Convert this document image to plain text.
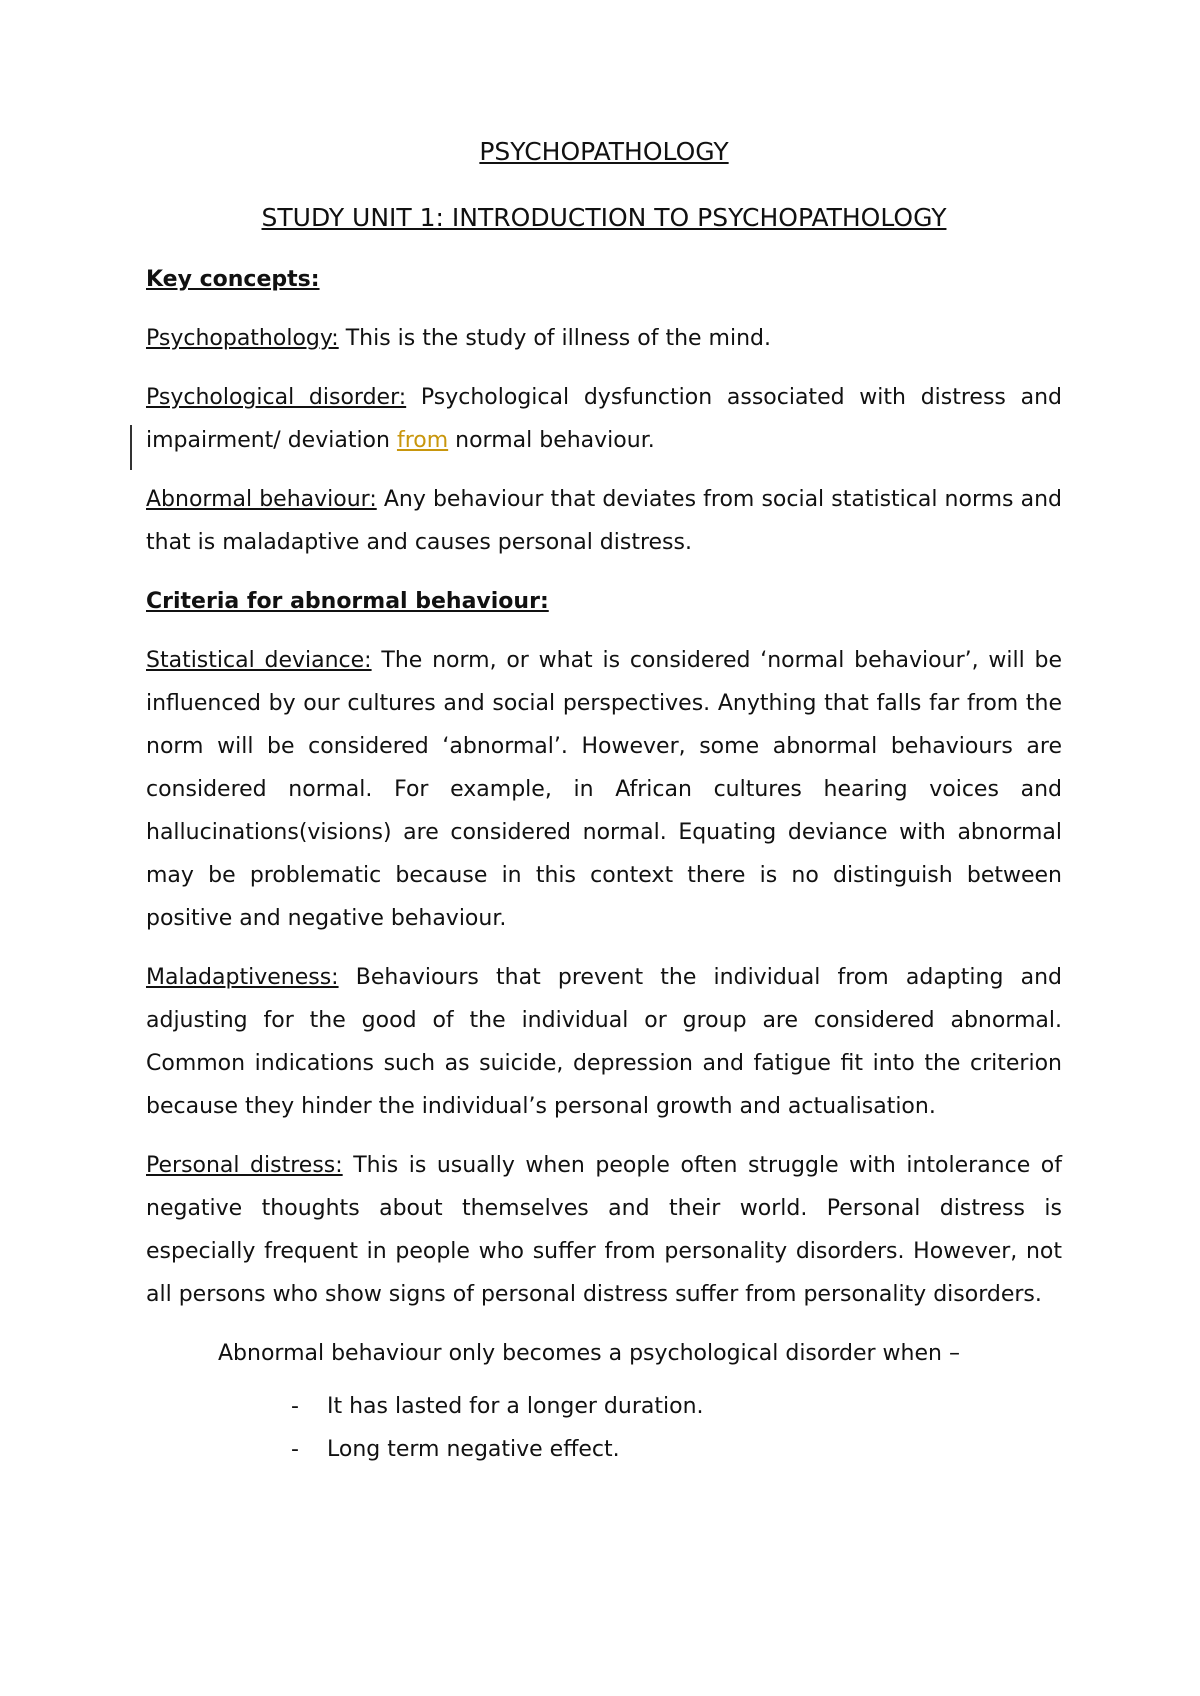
PSYCHOPATHOLOGY
STUDY UNIT 1: INTRODUCTION TO PSYCHOPATHOLOGY
Key concepts:

Psychopathology: This is the study of illness of the mind.

Psychological disorder: Psychological dysfunction associated with distress and impairment/ deviation from normal behaviour.

Abnormal behaviour: Any behaviour that deviates from social statistical norms and that is maladaptive and causes personal distress.

Criteria for abnormal behaviour:

Statistical deviance: The norm, or what is considered ‘normal behaviour’, will be influenced by our cultures and social perspectives. Anything that falls far from the norm will be considered ‘abnormal’. However, some abnormal behaviours are considered normal. For example, in African cultures hearing voices and hallucinations(visions) are considered normal. Equating deviance with abnormal may be problematic because in this context there is no distinguish between positive and negative behaviour.

Maladaptiveness: Behaviours that prevent the individual from adapting and adjusting for the good of the individual or group are considered abnormal. Common indications such as suicide, depression and fatigue fit into the criterion because they hinder the individual’s personal growth and actualisation.

Personal distress: This is usually when people often struggle with intolerance of negative thoughts about themselves and their world. Personal distress is especially frequent in people who suffer from personality disorders. However, not all persons who show signs of personal distress suffer from personality disorders.

Abnormal behaviour only becomes a psychological disorder when –

- It has lasted for a longer duration.
- Long term negative effect.
